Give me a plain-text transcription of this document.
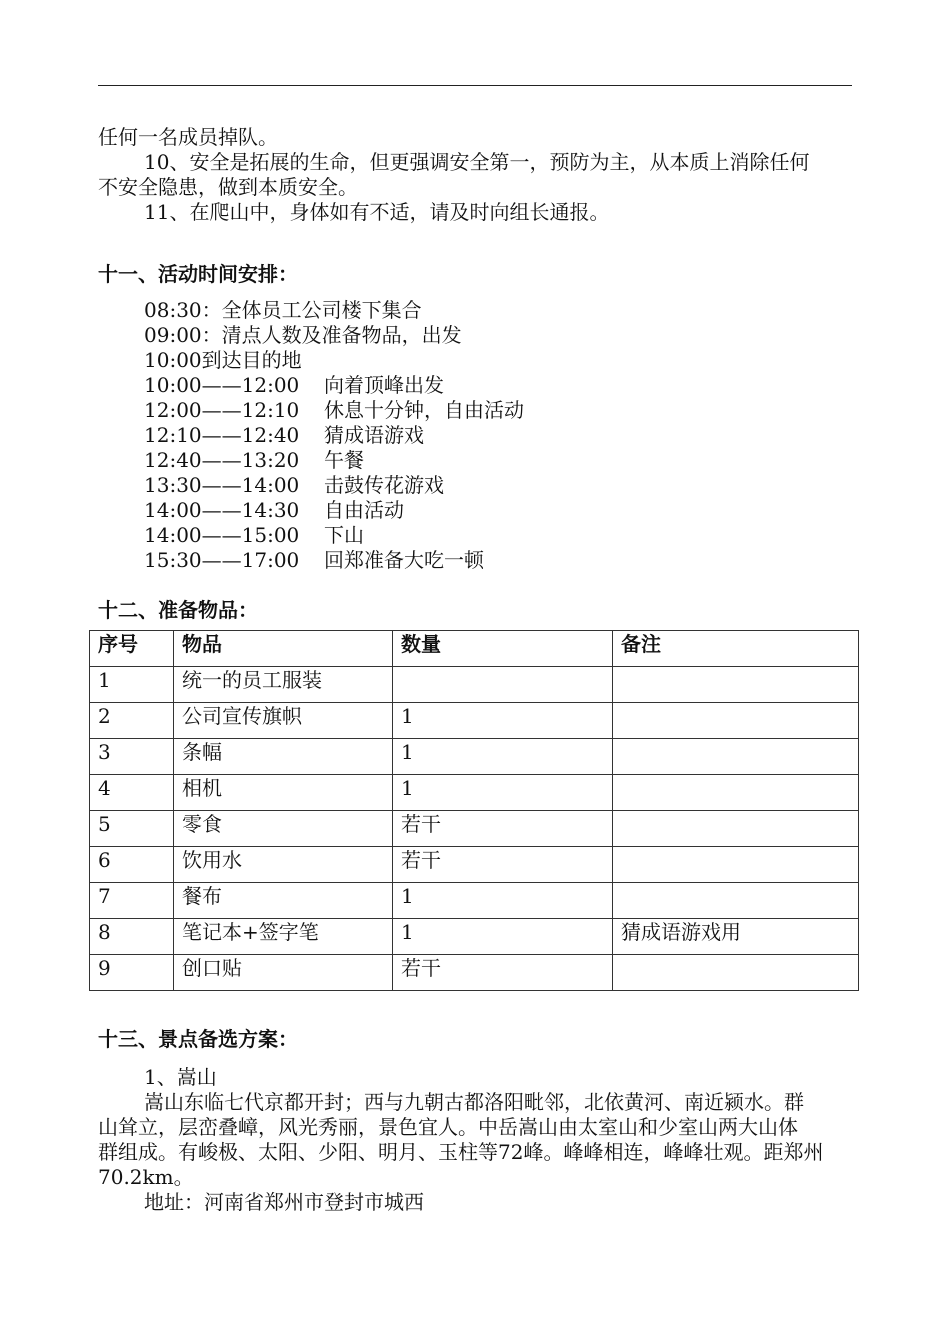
任何一名成员掉队。
10、安全是拓展的生命，但更强调安全第一，预防为主，从本质上消除任何
不安全隐患，做到本质安全。
11、在爬山中，身体如有不适，请及时向组长通报。
十一、活动时间安排：
08:30：全体员工公司楼下集合
09:00：清点人数及准备物品，出发
10:00到达目的地
10:00——12:00 向着顶峰出发
12:00——12:10 休息十分钟，自由活动
12:10——12:40 猜成语游戏
12:40——13:20 午餐
13:30——14:00 击鼓传花游戏
14:00——14:30 自由活动
14:00——15:00 下山
15:30——17:00 回郑准备大吃一顿
十二、准备物品：
序号	物品	数量	备注
1	统一的员工服装		
2	公司宣传旗帜	1	
3	条幅	1	
4	相机	1	
5	零食	若干	
6	饮用水	若干	
7	餐布	1	
8	笔记本+签字笔	1	猜成语游戏用
9	创口贴	若干	
十三、景点备选方案：
1、嵩山
嵩山东临七代京都开封；西与九朝古都洛阳毗邻，北依黄河、南近颍水。群
山耸立，层峦叠嶂，风光秀丽，景色宜人。中岳嵩山由太室山和少室山两大山体
群组成。有峻极、太阳、少阳、明月、玉柱等72峰。峰峰相连，峰峰壮观。距郑州
70.2km。
地址：河南省郑州市登封市城西
